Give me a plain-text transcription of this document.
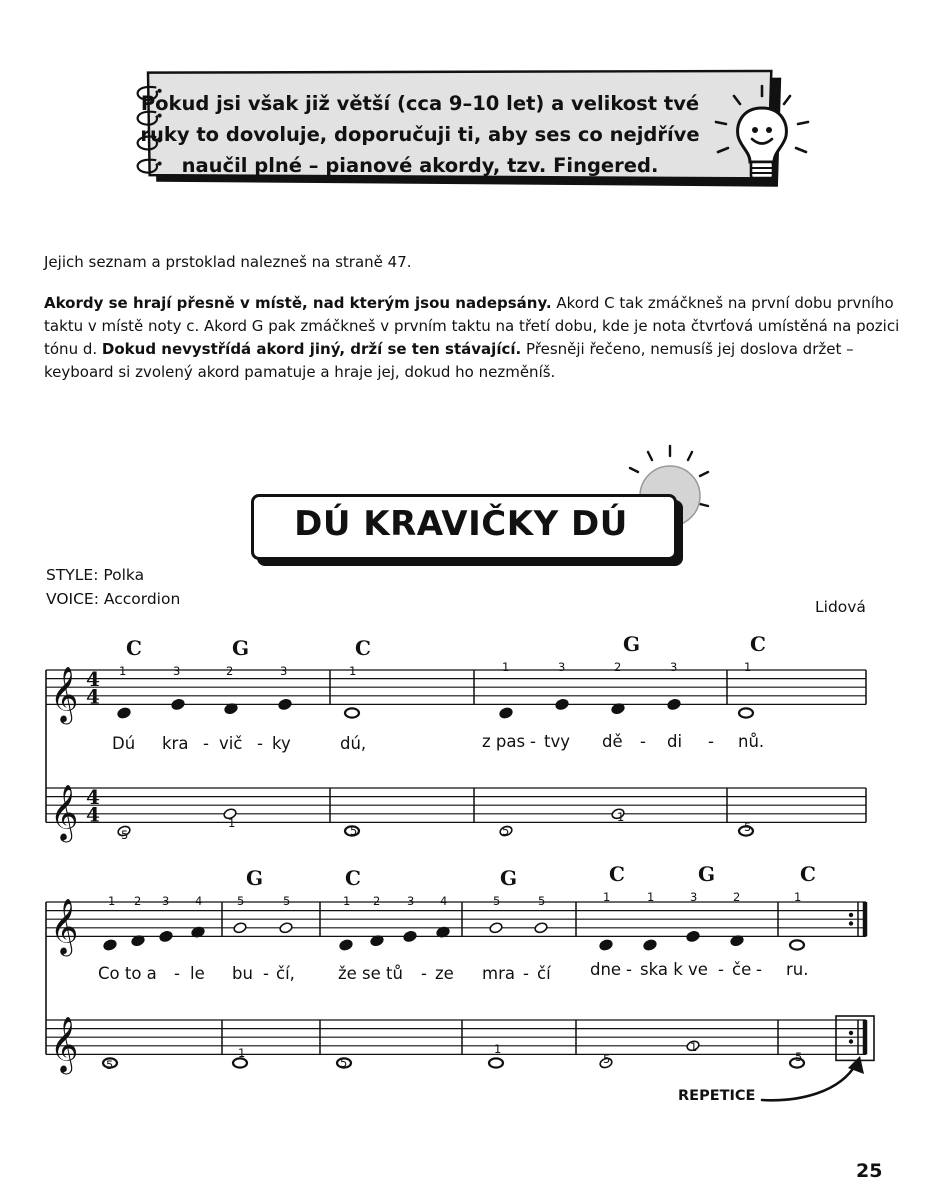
Pokud jsi však již větší (cca 9–10 let) a velikost tvé
ruky to dovoluje, doporučuji ti, aby ses co nejdříve
naučil plné – pianové akordy, tzv. Fingered.
Jejich seznam a prstoklad nalezneš na straně 47.
Akordy se hrají přesně v místě, nad kterým jsou nadepsány. Akord C tak zmáčkneš na první dobu prvního taktu v místě noty c. Akord G pak zmáčkneš v prvním taktu na třetí dobu, kde je nota čtvrťová umístěná na pozici tónu d. Dokud nevystřídá akord jiný, drží se ten stávající. Přesněji řečeno, nemusíš jej doslova držet – keyboard si zvolený akord pamatuje a hraje jej, dokud ho nezměníš.
DÚ KRAVIČKY DÚ
STYLE: Polka
VOICE: Accordion	Lidová
𝄞
𝄞
4
4
4
4
𝄞
𝄞
C	G	C	G	C
1	3	2	3	1	1	3	2	3	1
Dú kra - vič - ky	dú,	z pas - tvy dě - di - nů.
5
1
5	5
1
5
G	C	G	C	G	C
1 2 3 4	5	5	1 2 3 4	5	5	1	1	3	2	1
Co to a - le bu - čí,	že se tů - ze mra - čí dne - ska k ve - če - ru.
5
1
5
1
5
1
5
REPETICE
25
